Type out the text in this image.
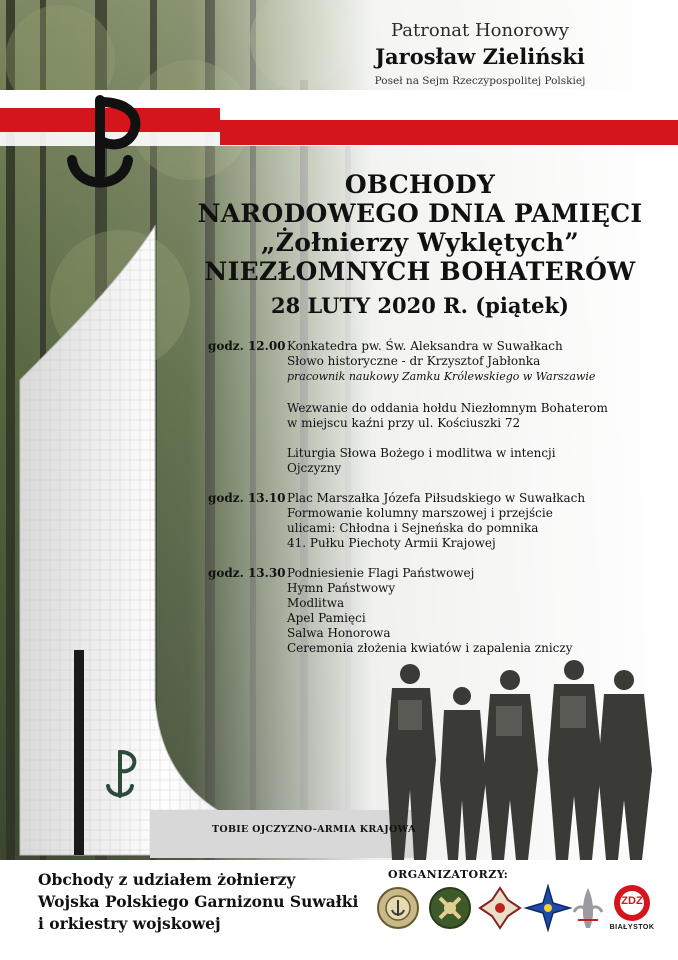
Patronat Honorowy
Jarosław Zieliński
Poseł na Sejm Rzeczypospolitej Polskiej
OBCHODY
NARODOWEGO DNIA PAMIĘCI
„Żołnierzy Wyklętych”
NIEZŁOMNYCH BOHATERÓW
28 LUTY 2020 R. (piątek)
godz. 12.00 Konkatedra pw. Św. Aleksandra w Suwałkach
Słowo historyczne - dr Krzysztof Jabłonka
pracownik naukowy Zamku Królewskiego w Warszawie
Wezwanie do oddania hołdu Niezłomnym Bohaterom
w miejscu kaźni przy ul. Kościuszki 72
Liturgia Słowa Bożego i modlitwa w intencji
Ojczyzny
godz. 13.10 Plac Marszałka Józefa Piłsudskiego w Suwałkach
Formowanie kolumny marszowej i przejście
ulicami: Chłodna i Sejneńska do pomnika
41. Pułku Piechoty Armii Krajowej
godz. 13.30 Podniesienie Flagi Państwowej
Hymn Państwowy
Modlitwa
Apel Pamięci
Salwa Honorowa
Ceremonia złożenia kwiatów i zapalenia zniczy
TOBIE OJCZYZNO-ARMIA KRAJOWA
Obchody z udziałem żołnierzy
Wojska Polskiego Garnizonu Suwałki
i orkiestry wojskowej
ORGANIZATORZY:
ZDZ
BIAŁYSTOK
